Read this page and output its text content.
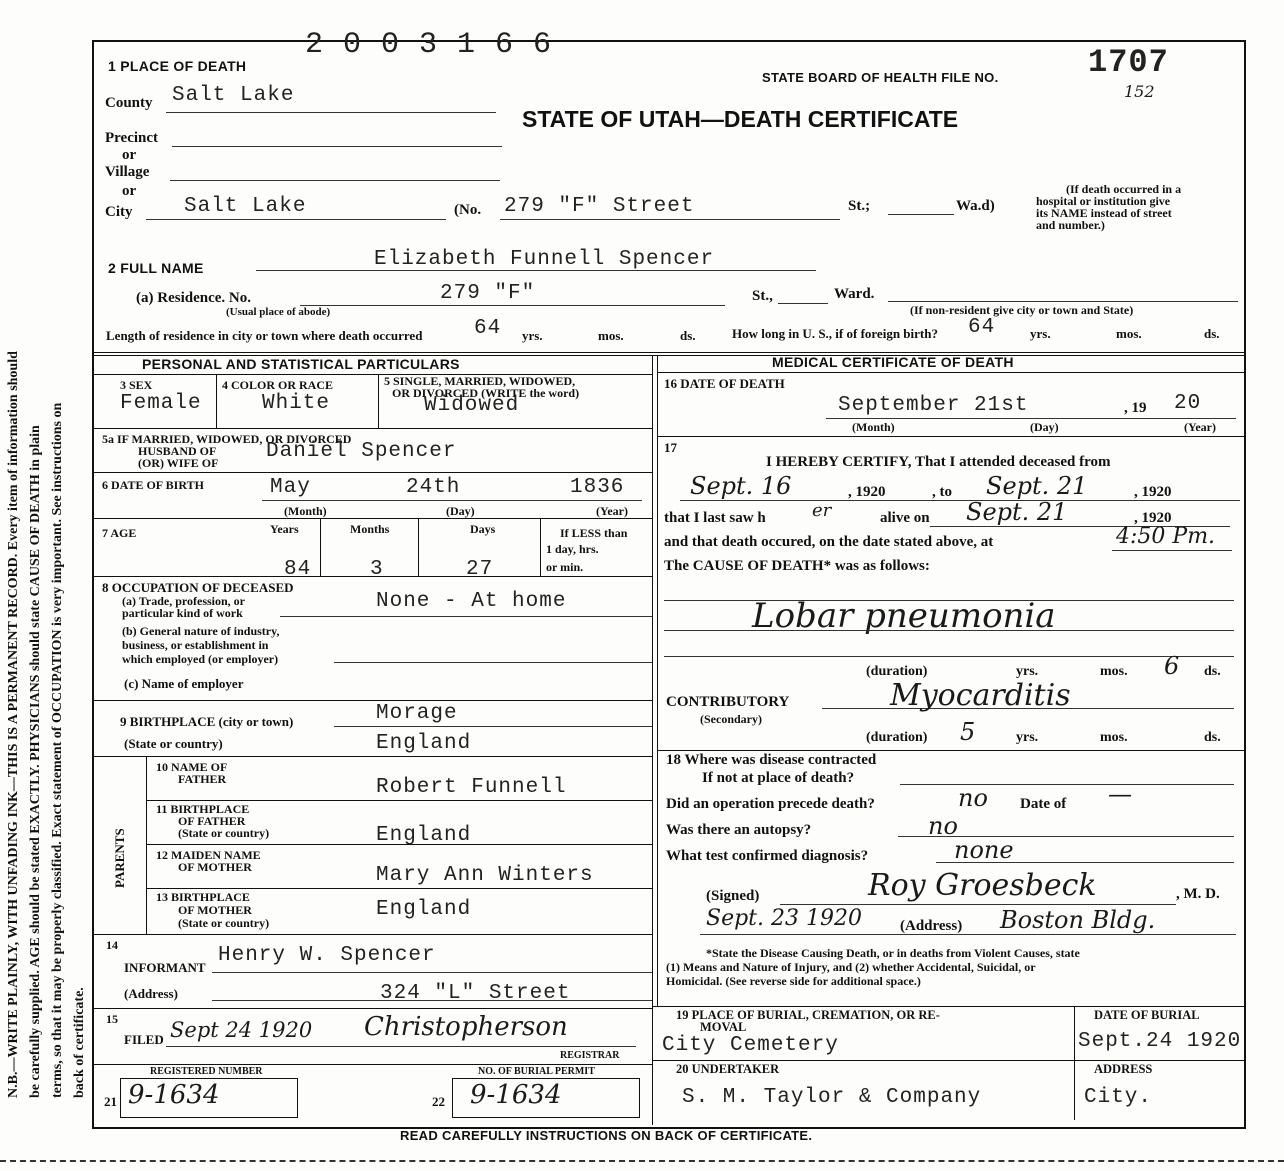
N.B.—WRITE PLAINLY, WITH UNFADING INK—THIS IS A PERMANENT RECORD. Every item of information should be carefully supplied. AGE should be stated EXACTLY. PHYSICIANS should state CAUSE OF DEATH in plain terms, so that it may be properly classified. Exact statement of OCCUPATION is very important. See instructions on back of certificate.
2 0 0 3 1 6 6
1 PLACE OF DEATH
STATE BOARD OF HEALTH FILE NO.	1707
152
STATE OF UTAH—DEATH CERTIFICATE
County Salt Lake
Precinct
or
Village
or
City Salt Lake	(No. 279 "F" Street	St.;	Wa.d)
(If death occurred in a
hospital or institution give
its NAME instead of street
and number.)
2 FULL NAME	Elizabeth Funnell Spencer
(a) Residence. No.	279 "F"	St.,	Ward.
(Usual place of abode)	(If non-resident give city or town and State)
Length of residence in city or town where death occurred 64 yrs.	mos.	ds.	How long in U. S., if of foreign birth? 64	yrs.	mos.	ds.
PERSONAL AND STATISTICAL PARTICULARS
3 SEX
Female
4 COLOR OR RACE
White
5 SINGLE, MARRIED, WIDOWED,
OR DIVORCED (WRITE the word)
Widowed
5a IF MARRIED, WIDOWED, OR DIVORCED
HUSBAND OF
(OR) WIFE OF Daniel Spencer
6 DATE OF BIRTH	May	24th	1836
(Month)	(Day)	(Year)
7 AGE	Years	Months	Days	If LESS than
1 day, hrs.
or min.
84	3	27
8 OCCUPATION OF DECEASED
(a) Trade, profession, or
particular kind of work	None - At home
(b) General nature of industry,
business, or establishment in
which employed (or employer)
(c) Name of employer
9 BIRTHPLACE (city or town)	Morage
(State or country)	England
PARENTS
10 NAME OF
FATHER	Robert Funnell
11 BIRTHPLACE
OF FATHER
(State or country)	England
12 MAIDEN NAME
OF MOTHER	Mary Ann Winters
13 BIRTHPLACE
OF MOTHER
(State or country)
England
14
INFORMANT
Henry W. Spencer
(Address)	324 "L" Street
15
FILED Sept 24 1920 Christopherson
REGISTRAR
REGISTERED NUMBER
21 9-1634
NO. OF BURIAL PERMIT
22 9-1634
MEDICAL CERTIFICATE OF DEATH
16 DATE OF DEATH
September 21st	, 19 20
(Month)	(Day)	(Year)
17
I HEREBY CERTIFY, That I attended deceased from
Sept. 16	, 1920	, to Sept. 21	, 1920
that I last saw h	er	alive on Sept. 21	, 1920
and that death occured, on the date stated above, at	4:50 Pm.
The CAUSE OF DEATH* was as follows:
Lobar pneumonia
(duration)	yrs.	mos. 6 ds.
CONTRIBUTORY
(Secondary)
Myocarditis
(duration) 5	yrs.	mos.	ds.
18 Where was disease contracted
If not at place of death?
Did an operation precede death?	no Date of —
Was there an autopsy?	no
What test confirmed diagnosis?	none
(Signed)	Roy Groesbeck	, M. D.
Sept. 23 1920	(Address) Boston Bldg.
*State the Disease Causing Death, or in deaths from Violent Causes, state
(1) Means and Nature of Injury, and (2) whether Accidental, Suicidal, or
Homicidal. (See reverse side for additional space.)
19 PLACE OF BURIAL, CREMATION, OR RE-
MOVAL
City Cemetery
DATE OF BURIAL
Sept.24 1920
20 UNDERTAKER
S. M. Taylor & Company
ADDRESS
City.
READ CAREFULLY INSTRUCTIONS ON BACK OF CERTIFICATE.
